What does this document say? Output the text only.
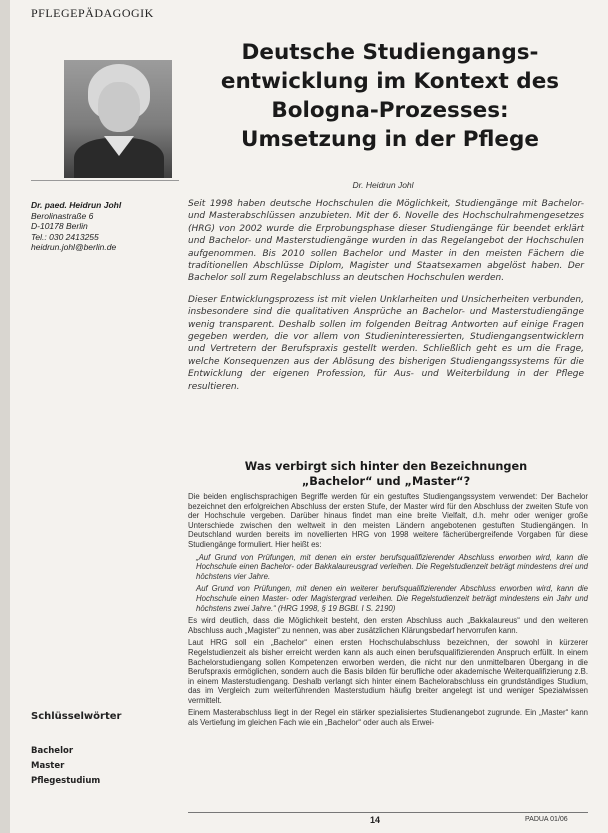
PFLEGEPÄDAGOGIK
Deutsche Studiengangs-
entwicklung im Kontext des
Bologna-Prozesses:
Umsetzung in der Pflege
Dr. Heidrun Johl
Dr. paed. Heidrun Johl
Berolinastraße 6
D-10178 Berlin
Tel.: 030 2413255
heidrun.johl@berlin.de

Seit 1998 haben deutsche Hochschulen die Möglichkeit, Studiengänge mit Bachelor- und Masterabschlüssen anzubieten. Mit der 6. Novelle des Hochschulrahmengesetzes (HRG) von 2002 wurde die Erprobungsphase dieser Studiengänge für beendet erklärt und Bachelor- und Masterstudiengänge wurden in das Regelangebot der Hochschulen aufgenommen. Bis 2010 sollen Bachelor und Master in den meisten Fächern die traditionellen Abschlüsse Diplom, Magister und Staatsexamen abgelöst haben. Der Bachelor soll zum Regelabschluss an deutschen Hochschulen werden.

Dieser Entwicklungsprozess ist mit vielen Unklarheiten und Unsicherheiten verbunden, insbesondere sind die qualitativen Ansprüche an Bachelor- und Masterstudiengänge wenig transparent. Deshalb sollen im folgenden Beitrag Antworten auf einige Fragen gegeben werden, die vor allem von Studieninteressierten, Studiengangsentwicklern und Vertretern der Berufspraxis gestellt werden. Schließlich geht es um die Frage, welche Konsequenzen aus der Ablösung des bisherigen Studiengangssystems für die Entwicklung der eigenen Profession, für Aus- und Weiterbildung in der Pflege resultieren.

Was verbirgt sich hinter den Bezeichnungen
„Bachelor“ und „Master“?

Die beiden englischsprachigen Begriffe werden für ein gestuftes Studiengangssystem verwendet: Der Bachelor bezeichnet den erfolgreichen Abschluss der ersten Stufe, der Master wird für den Abschluss der zweiten Stufe von der Hochschule vergeben. Darüber hinaus findet man eine breite Vielfalt, d.h. mehr oder weniger große Unterschiede zwischen den weltweit in den meisten Ländern angebotenen gestuften Studiengängen. In Deutschland wurden bereits im novellierten HRG von 1998 weitere fächerübergreifende Vorgaben für diese Studiengänge formuliert. Hier heißt es:

„Auf Grund von Prüfungen, mit denen ein erster berufsqualifizierender Abschluss erworben wird, kann die Hochschule einen Bachelor- oder Bakkalaureusgrad verleihen. Die Regelstudienzeit beträgt mindestens drei und höchstens vier Jahre.

Auf Grund von Prüfungen, mit denen ein weiterer berufsqualifizierender Abschluss erworben wird, kann die Hochschule einen Master- oder Magistergrad verleihen. Die Regelstudienzeit beträgt mindestens ein Jahr und höchstens zwei Jahre.“ (HRG 1998, § 19 BGBl. I S. 2190)

Es wird deutlich, dass die Möglichkeit besteht, den ersten Abschluss auch „Bakkalaureus“ und den weiteren Abschluss auch „Magister“ zu nennen, was aber zusätzlichen Klärungsbedarf hervorrufen kann.

Laut HRG soll ein „Bachelor“ einen ersten Hochschulabschluss bezeichnen, der sowohl in kürzerer Regelstudienzeit als bisher erreicht werden kann als auch einen berufsqualifizierenden Anspruch erfüllt. In einem Bachelorstudiengang sollen Kompetenzen erworben werden, die nicht nur den unmittelbaren Übergang in die Berufspraxis ermöglichen, sondern auch die Basis bilden für berufliche oder akademische Weiterqualifizierung z.B. in einem Masterstudiengang. Deshalb verlangt sich hinter einem Bachelorabschluss ein grundständiges Studium, das im Vergleich zum weiterführenden Masterstudium häufig breiter angelegt ist und weniger Spezialwissen vermittelt.

Einem Masterabschluss liegt in der Regel ein stärker spezialisiertes Studienangebot zugrunde. Ein „Master“ kann als Vertiefung im gleichen Fach wie ein „Bachelor“ oder auch als Erwei-

Schlüsselwörter
Bachelor
Master
Pflegestudium
14	PADUA 01/06
